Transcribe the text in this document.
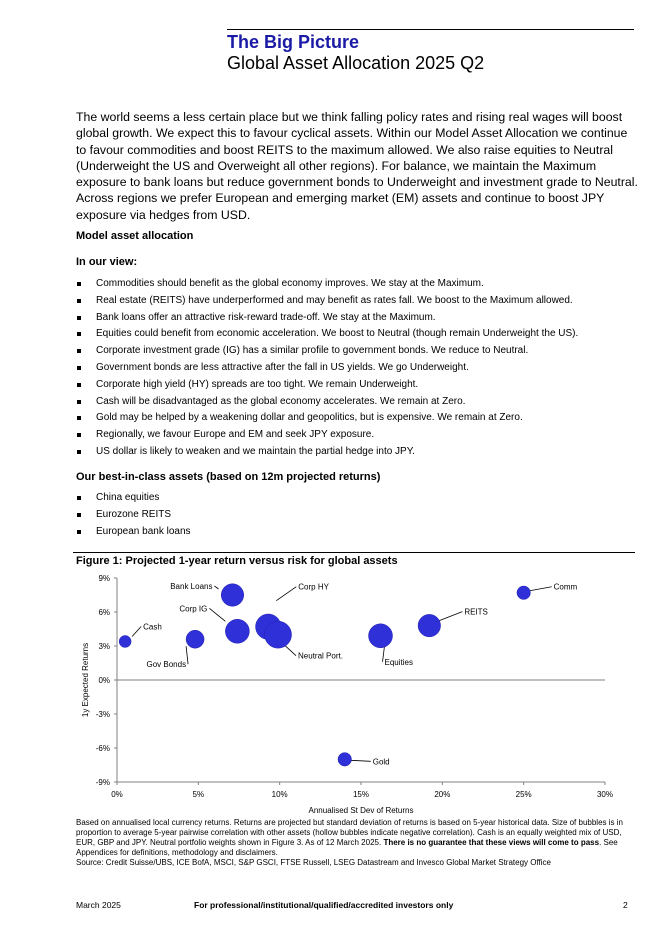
The Big Picture
Global Asset Allocation 2025 Q2

The world seems a less certain place but we think falling policy rates and rising real wages will boost global growth. We expect this to favour cyclical assets. Within our Model Asset Allocation we continue to favour commodities and boost REITS to the maximum allowed. We also raise equities to Neutral (Underweight the US and Overweight all other regions). For balance, we maintain the Maximum exposure to bank loans but reduce government bonds to Underweight and investment grade to Neutral. Across regions we prefer European and emerging market (EM) assets and continue to boost JPY exposure via hedges from USD.

Model asset allocation
In our view:
Commodities should benefit as the global economy improves. We stay at the Maximum.
Real estate (REITS) have underperformed and may benefit as rates fall. We boost to the Maximum allowed.
Bank loans offer an attractive risk-reward trade-off. We stay at the Maximum.
Equities could benefit from economic acceleration. We boost to Neutral (though remain Underweight the US).
Corporate investment grade (IG) has a similar profile to government bonds. We reduce to Neutral.
Government bonds are less attractive after the fall in US yields. We go Underweight.
Corporate high yield (HY) spreads are too tight. We remain Underweight.
Cash will be disadvantaged as the global economy accelerates. We remain at Zero.
Gold may be helped by a weakening dollar and geopolitics, but is expensive. We remain at Zero.
Regionally, we favour Europe and EM and seek JPY exposure.
US dollar is likely to weaken and we maintain the partial hedge into JPY.
Our best-in-class assets (based on 12m projected returns)
China equities
Eurozone REITS
European bank loans
Figure 1: Projected 1-year return versus risk for global assets
9%
6%
3%
0%
-3%
-6%
-9%
0%	5%	10%	15%	20%	25%	30%
Annualised St Dev of Returns
1y Expected Returns
Cash
Gov Bonds
Bank Loans
Corp IG
Corp HY
Neutral Port.
Equities
REITS
Comm
Gold
Based on annualised local currency returns. Returns are projected but standard deviation of returns is based on 5-year historical data. Size of bubbles is in proportion to average 5-year pairwise correlation with other assets (hollow bubbles indicate negative correlation). Cash is an equally weighted mix of USD, EUR, GBP and JPY. Neutral portfolio weights shown in Figure 3. As of 12 March 2025. There is no guarantee that these views will come to pass. See Appendices for definitions, methodology and disclaimers.
Source: Credit Suisse/UBS, ICE BofA, MSCI, S&P GSCI, FTSE Russell, LSEG Datastream and Invesco Global Market Strategy Office
March 2025	For professional/institutional/qualified/accredited investors only	2
